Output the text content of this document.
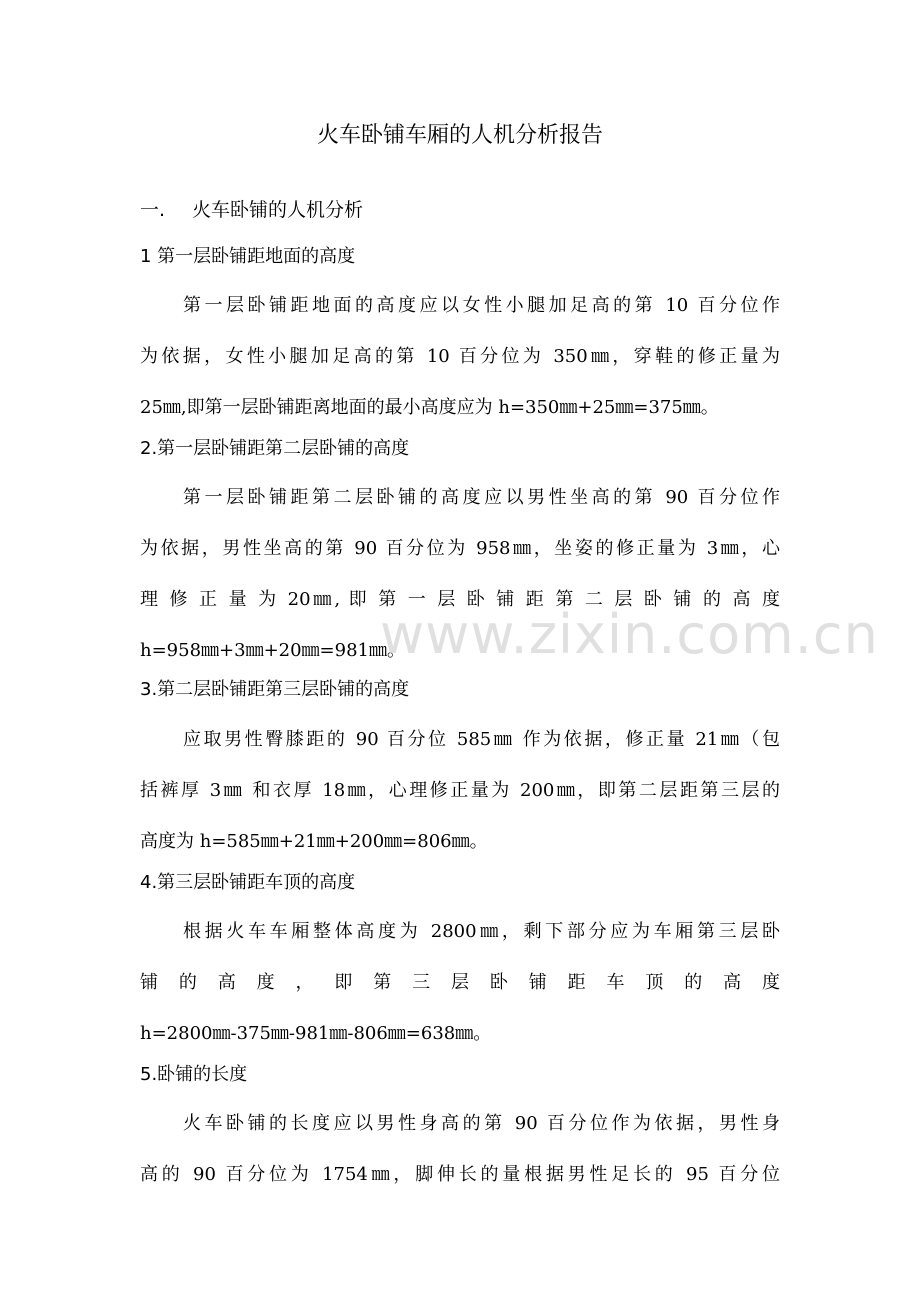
火车卧铺车厢的人机分析报告
一. 火车卧铺的人机分析
1 第一层卧铺距地面的高度
第一层卧铺距地面的高度应以女性小腿加足高的第 10 百分位作
为依据，女性小腿加足高的第 10 百分位为 350㎜，穿鞋的修正量为
25㎜,即第一层卧铺距离地面的最小高度应为 h=350㎜+25㎜=375㎜。
2.第一层卧铺距第二层卧铺的高度
第一层卧铺距第二层卧铺的高度应以男性坐高的第 90 百分位作
为依据，男性坐高的第 90 百分位为 958㎜，坐姿的修正量为 3㎜，心
理 修 正 量 为 20㎜, 即 第 一 层 卧 铺 距 第 二 层 卧 铺 的 高 度
h=958㎜+3㎜+20㎜=981㎜。
3.第二层卧铺距第三层卧铺的高度
应取男性臀膝距的 90 百分位 585㎜ 作为依据，修正量 21㎜（包
括裤厚 3㎜ 和衣厚 18㎜，心理修正量为 200㎜，即第二层距第三层的
高度为 h=585㎜+21㎜+200㎜=806㎜。
4.第三层卧铺距车顶的高度
根据火车车厢整体高度为 2800㎜，剩下部分应为车厢第三层卧
铺 的 高 度 ， 即 第 三 层 卧 铺 距 车 顶 的 高 度
h=2800㎜-375㎜-981㎜-806㎜=638㎜。
5.卧铺的长度
火车卧铺的长度应以男性身高的第 90 百分位作为依据，男性身
高的 90 百分位为 1754㎜，脚伸长的量根据男性足长的 95 百分位
www.zixin.com.cn
